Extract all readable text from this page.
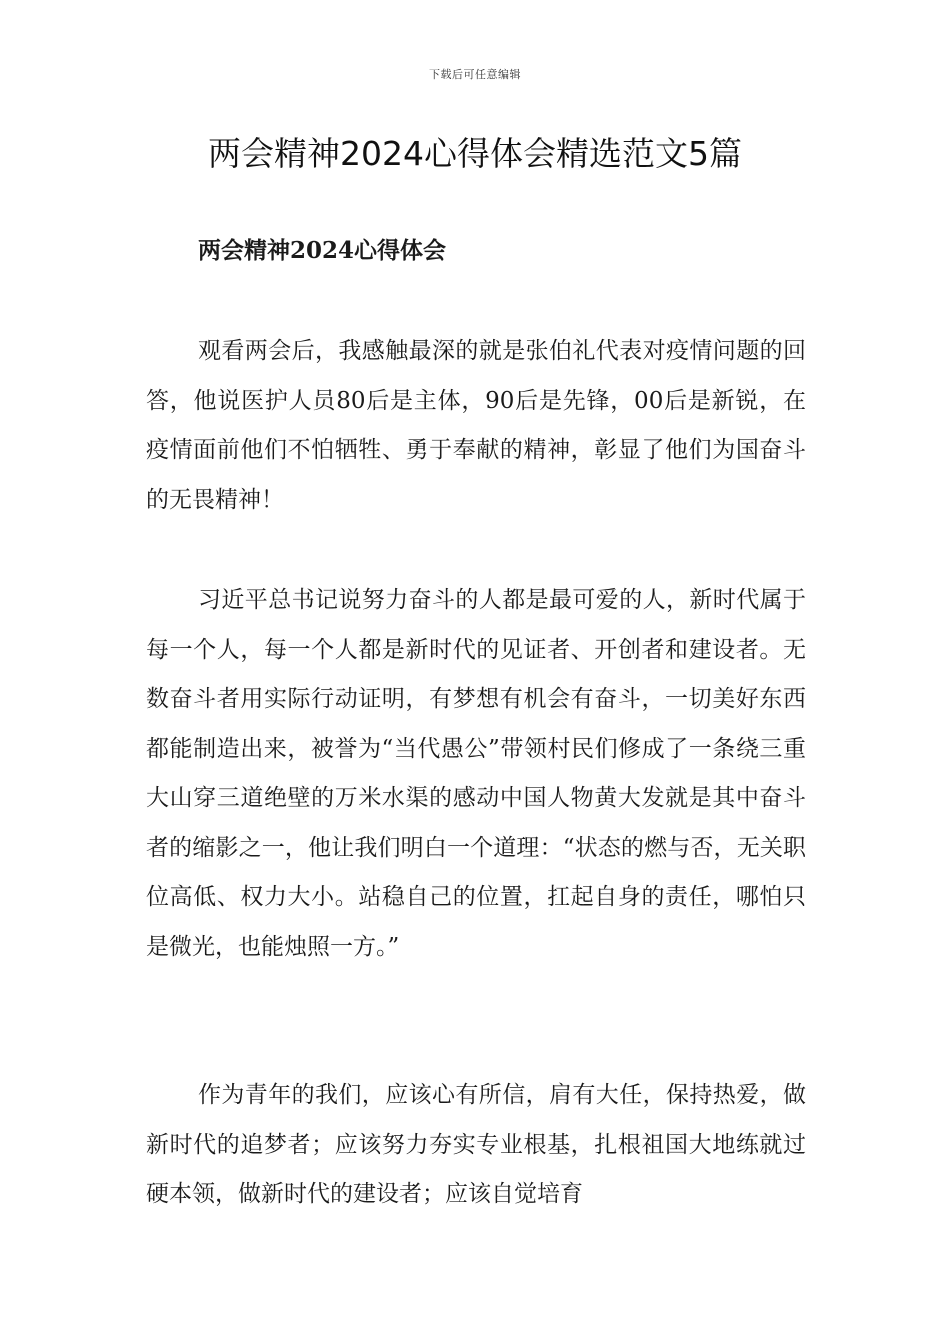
下载后可任意编辑
两会精神2024心得体会精选范文5篇
两会精神2024心得体会

观看两会后，我感触最深的就是张伯礼代表对疫情问题的回答，他说医护人员80后是主体，90后是先锋，00后是新锐，在疫情面前他们不怕牺牲、勇于奉献的精神，彰显了他们为国奋斗的无畏精神！

习近平总书记说努力奋斗的人都是最可爱的人，新时代属于每一个人，每一个人都是新时代的见证者、开创者和建设者。无数奋斗者用实际行动证明，有梦想有机会有奋斗，一切美好东西都能制造出来，被誉为“当代愚公”带领村民们修成了一条绕三重大山穿三道绝壁的万米水渠的感动中国人物黄大发就是其中奋斗者的缩影之一，他让我们明白一个道理：“状态的燃与否，无关职位高低、权力大小。站稳自己的位置，扛起自身的责任，哪怕只是微光，也能烛照一方。”

作为青年的我们，应该心有所信，肩有大任，保持热爱，做新时代的追梦者；应该努力夯实专业根基，扎根祖国大地练就过硬本领，做新时代的建设者；应该自觉培育
